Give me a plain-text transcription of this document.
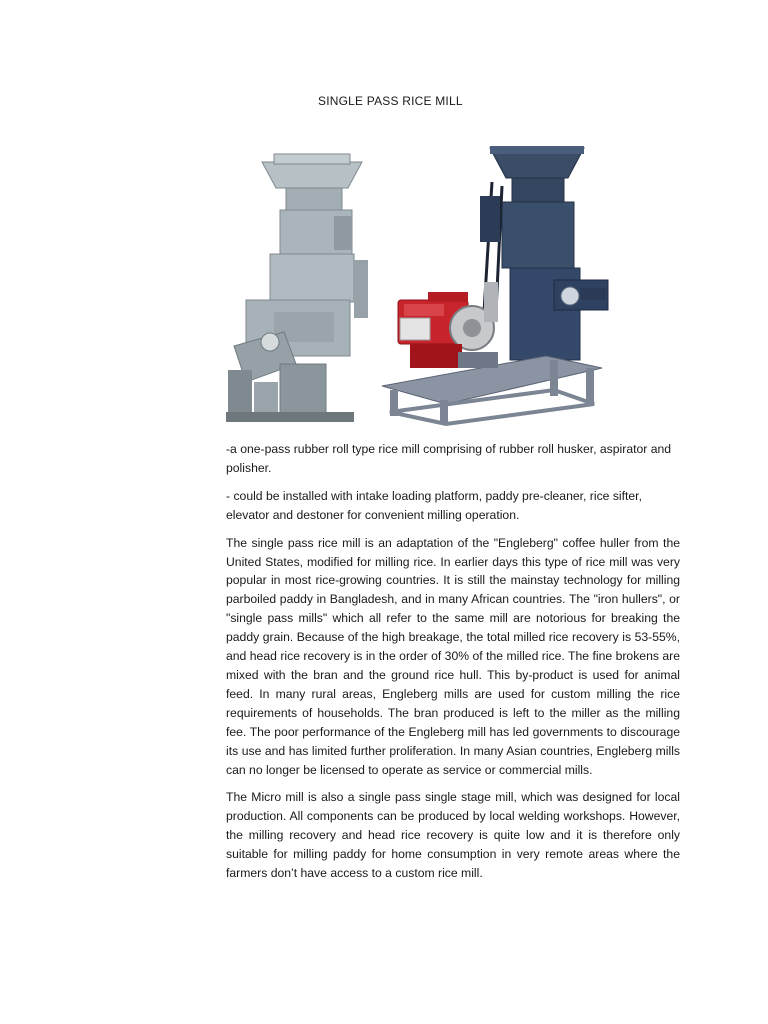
SINGLE PASS RICE MILL

-a one-pass rubber roll type rice mill comprising of rubber roll husker, aspirator and polisher.

- could be installed with intake loading platform, paddy pre-cleaner, rice sifter, elevator and destoner for convenient milling operation.

The single pass rice mill is an adaptation of the "Engleberg" coffee huller from the United States, modified for milling rice. In earlier days this type of rice mill was very popular in most rice-growing countries. It is still the mainstay technology for milling parboiled paddy in Bangladesh, and in many African countries. The "iron hullers", or "single pass mills" which all refer to the same mill are notorious for breaking the paddy grain. Because of the high breakage, the total milled rice recovery is 53-55%, and head rice recovery is in the order of 30% of the milled rice. The fine brokens are mixed with the bran and the ground rice hull. This by-product is used for animal feed. In many rural areas, Engleberg mills are used for custom milling the rice requirements of households. The bran produced is left to the miller as the milling fee. The poor performance of the Engleberg mill has led governments to discourage its use and has limited further proliferation. In many Asian countries, Engleberg mills can no longer be licensed to operate as service or commercial mills.

The Micro mill is also a single pass single stage mill, which was designed for local production. All components can be produced by local welding workshops. However, the milling recovery and head rice recovery is quite low and it is therefore only suitable for milling paddy for home consumption in very remote areas where the farmers don’t have access to a custom rice mill.
